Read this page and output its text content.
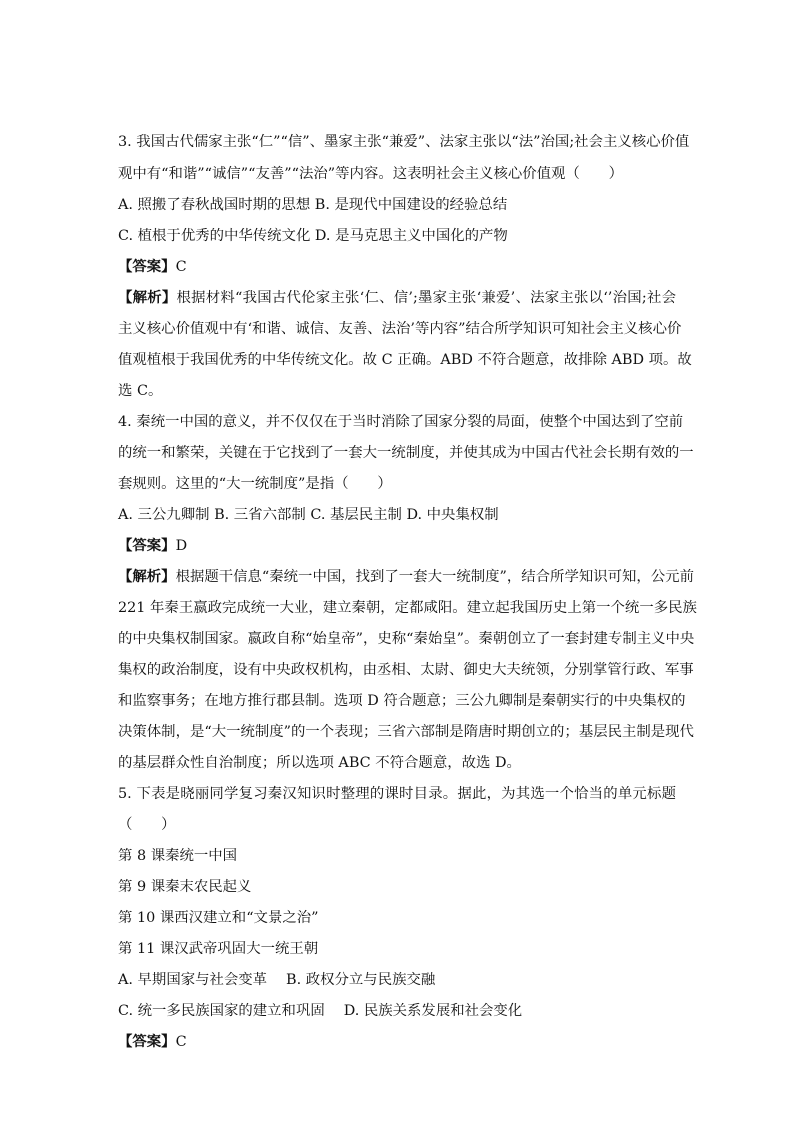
3. 我国古代儒家主张“仁”“信”、墨家主张“兼爱”、法家主张以“法”治国;社会主义核心价值
观中有“和谐”“诚信”“友善”“法治”等内容。这表明社会主义核心价值观（　　）
A. 照搬了春秋战国时期的思想 B. 是现代中国建设的经验总结
C. 植根于优秀的中华传统文化 D. 是马克思主义中国化的产物
【答案】C
【解析】根据材料“我国古代伦家主张‘仁、信’;墨家主张‘兼爱’、法家主张以‘’治国;社会
主义核心价值观中有‘和谐、诚信、友善、法治’等内容”结合所学知识可知社会主义核心价
值观植根于我国优秀的中华传统文化。故 C 正确。ABD 不符合题意，故排除 ABD 项。故
选 C。
4. 秦统一中国的意义，并不仅仅在于当时消除了国家分裂的局面，使整个中国达到了空前
的统一和繁荣，关键在于它找到了一套大一统制度，并使其成为中国古代社会长期有效的一
套规则。这里的“大一统制度”是指（　　）
A. 三公九卿制 B. 三省六部制 C. 基层民主制 D. 中央集权制
【答案】D
【解析】根据题干信息“秦统一中国，找到了一套大一统制度”，结合所学知识可知，公元前
221 年秦王嬴政完成统一大业，建立秦朝，定都咸阳。建立起我国历史上第一个统一多民族
的中央集权制国家。嬴政自称“始皇帝”，史称“秦始皇”。秦朝创立了一套封建专制主义中央
集权的政治制度，设有中央政权机构，由丞相、太尉、御史大夫统领，分别掌管行政、军事
和监察事务；在地方推行郡县制。选项 D 符合题意；三公九卿制是秦朝实行的中央集权的
决策体制，是“大一统制度”的一个表现；三省六部制是隋唐时期创立的；基层民主制是现代
的基层群众性自治制度；所以选项 ABC 不符合题意，故选 D。
5. 下表是晓丽同学复习秦汉知识时整理的课时目录。据此，为其选一个恰当的单元标题
（　　）
第 8 课秦统一中国
第 9 课秦末农民起义
第 10 课西汉建立和“文景之治”
第 11 课汉武帝巩固大一统王朝
A. 早期国家与社会变革　 B. 政权分立与民族交融
C. 统一多民族国家的建立和巩固　 D. 民族关系发展和社会变化
【答案】C
